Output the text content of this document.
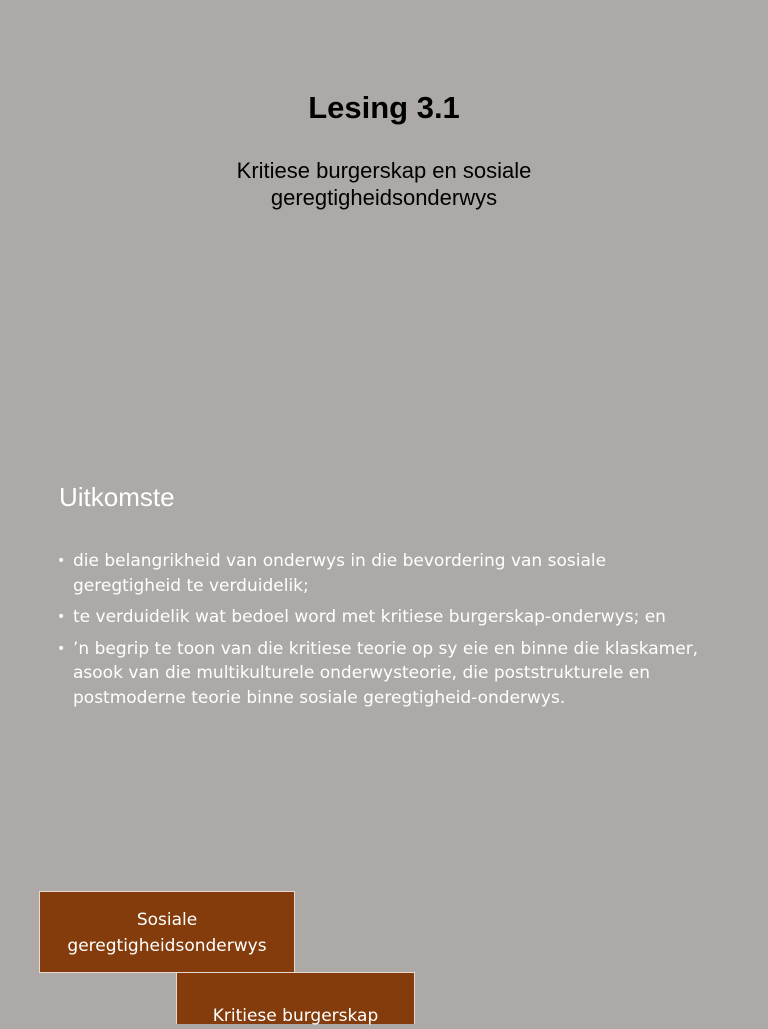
Lesing 3.1
Kritiese burgerskap en sosiale geregtigheidsonderwys
Uitkomste
• die belangrikheid van onderwys in die bevordering van sosiale geregtigheid te verduidelik;
• te verduidelik wat bedoel word met kritiese burgerskap-onderwys; en
• ’n begrip te toon van die kritiese teorie op sy eie en binne die klaskamer, asook van die multikulturele onderwysteorie, die poststrukturele en postmoderne teorie binne sosiale geregtigheid-onderwys.
Sosiale geregtigheidsonderwys
Kritiese burgerskap
